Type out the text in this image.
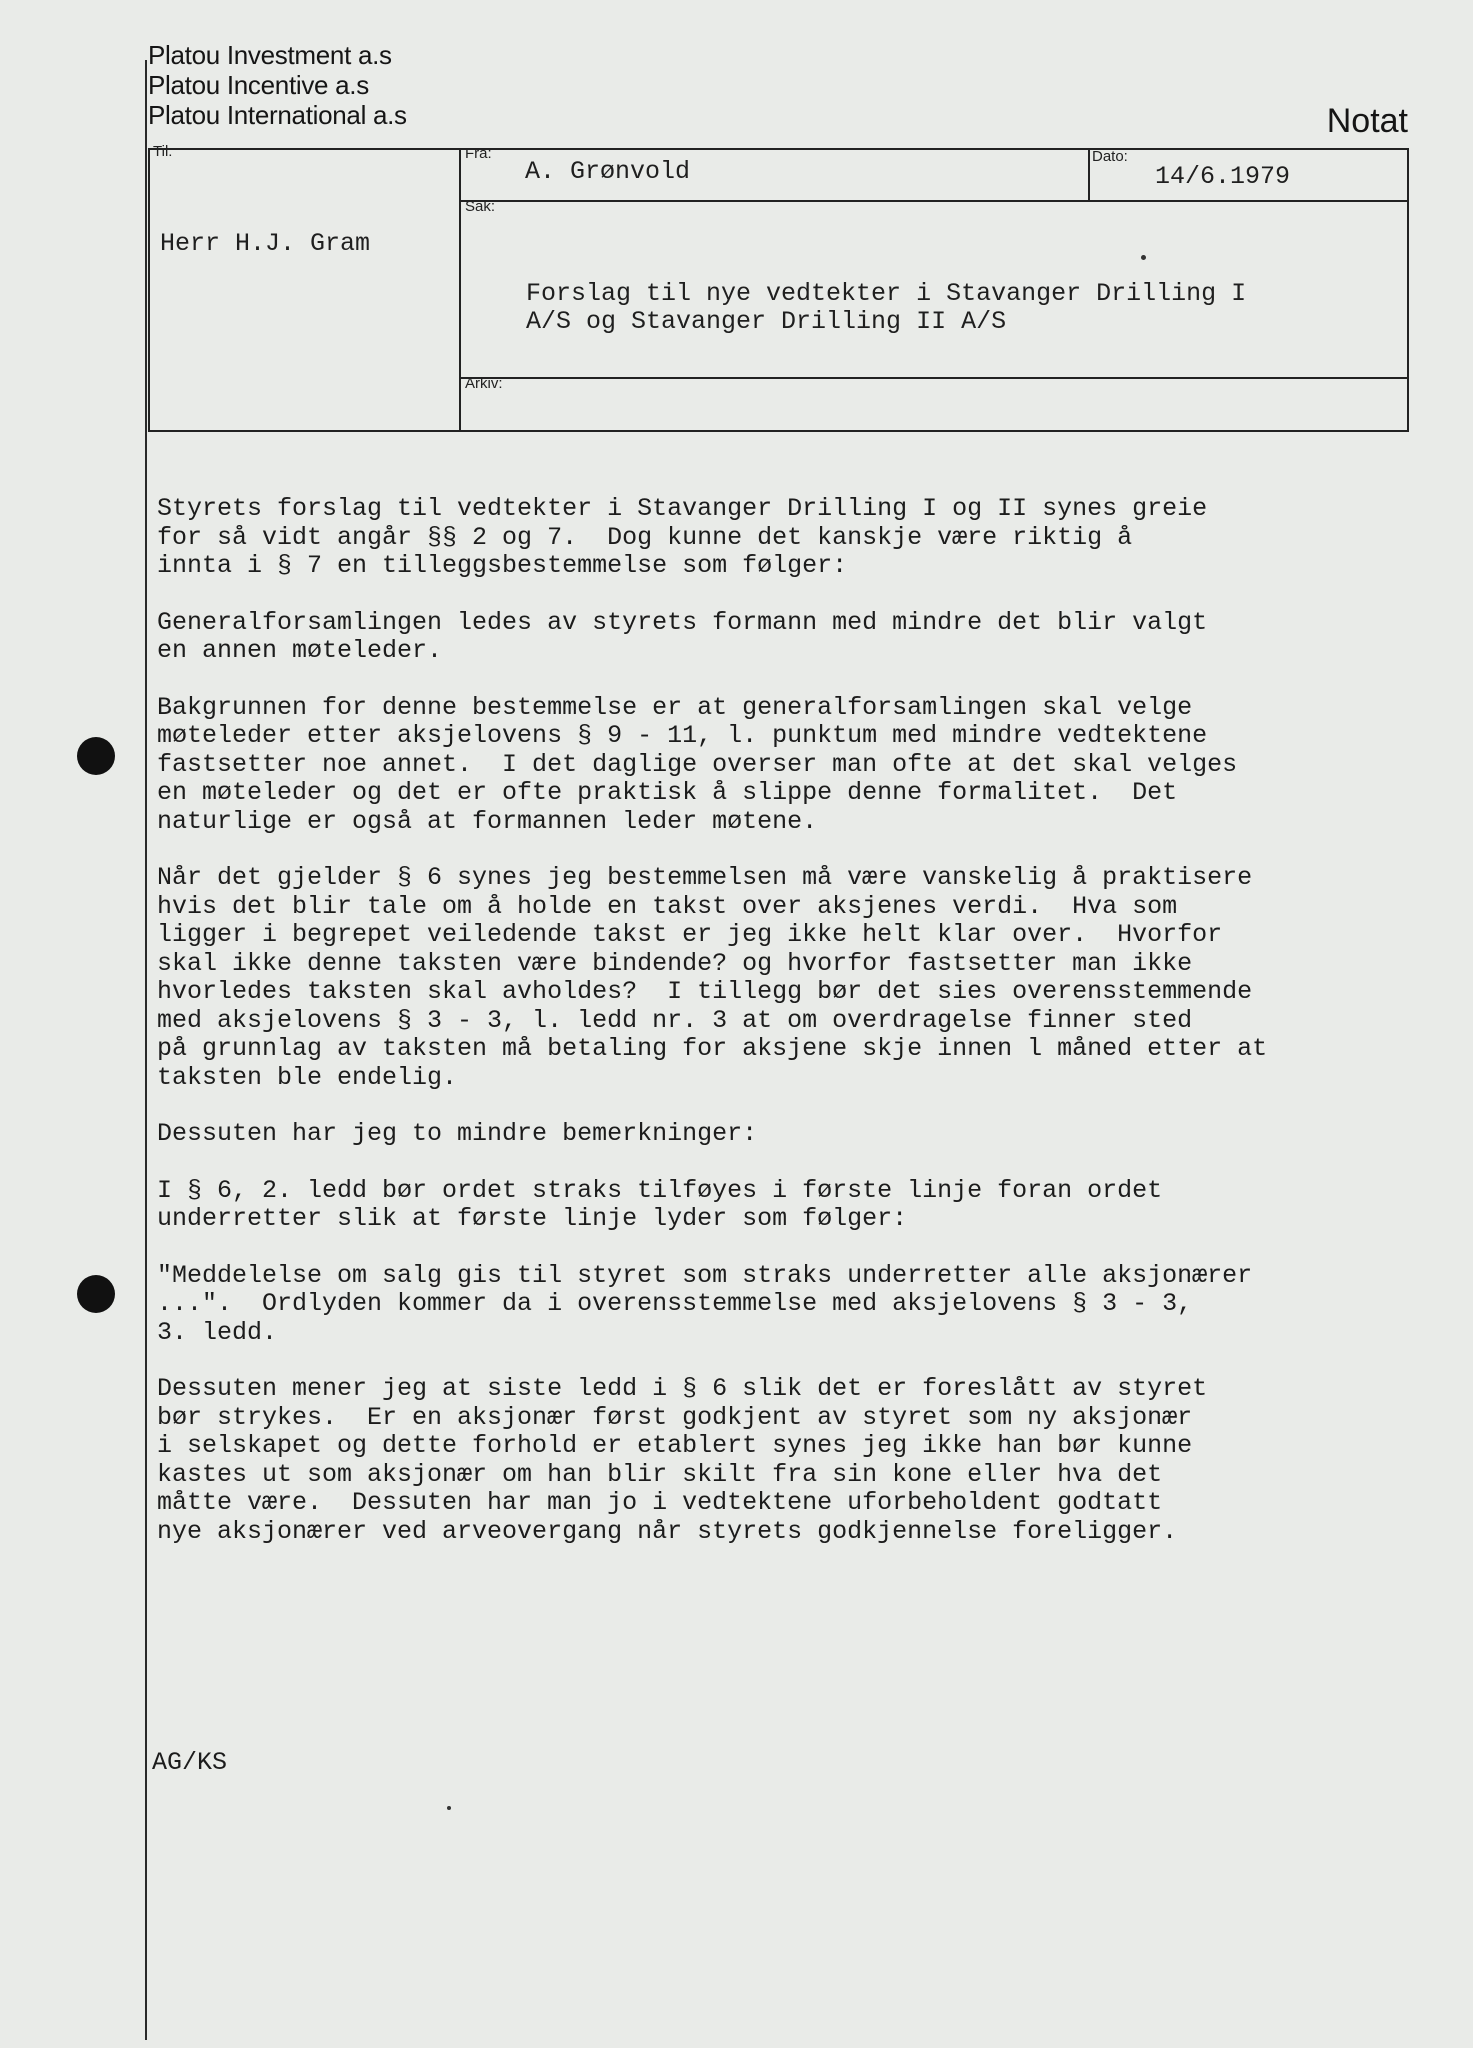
Platou Investment a.s
Platou Incentive a.s
Platou International a.s	Notat
Til:
Herr H.J. Gram
Fra:
A. Grønvold
Dato:
14/6.1979
Sak:
Forslag til nye vedtekter i Stavanger Drilling I
A/S og Stavanger Drilling II A/S
Arkiv:

Styrets forslag til vedtekter i Stavanger Drilling I og II synes greie
for så vidt angår §§ 2 og 7.  Dog kunne det kanskje være riktig å
innta i § 7 en tilleggsbestemmelse som følger:

Generalforsamlingen ledes av styrets formann med mindre det blir valgt
en annen møteleder.

Bakgrunnen for denne bestemmelse er at generalforsamlingen skal velge
møteleder etter aksjelovens § 9 - 11, l. punktum med mindre vedtektene
fastsetter noe annet.  I det daglige overser man ofte at det skal velges
en møteleder og det er ofte praktisk å slippe denne formalitet.  Det
naturlige er også at formannen leder møtene.

Når det gjelder § 6 synes jeg bestemmelsen må være vanskelig å praktisere
hvis det blir tale om å holde en takst over aksjenes verdi.  Hva som
ligger i begrepet veiledende takst er jeg ikke helt klar over.  Hvorfor
skal ikke denne taksten være bindende? og hvorfor fastsetter man ikke
hvorledes taksten skal avholdes?  I tillegg bør det sies overensstemmende
med aksjelovens § 3 - 3, l. ledd nr. 3 at om overdragelse finner sted
på grunnlag av taksten må betaling for aksjene skje innen l måned etter at
taksten ble endelig.

Dessuten har jeg to mindre bemerkninger:

I § 6, 2. ledd bør ordet straks tilføyes i første linje foran ordet
underretter slik at første linje lyder som følger:

"Meddelelse om salg gis til styret som straks underretter alle aksjonærer
...".  Ordlyden kommer da i overensstemmelse med aksjelovens § 3 - 3,
3. ledd.

Dessuten mener jeg at siste ledd i § 6 slik det er foreslått av styret
bør strykes.  Er en aksjonær først godkjent av styret som ny aksjonær
i selskapet og dette forhold er etablert synes jeg ikke han bør kunne
kastes ut som aksjonær om han blir skilt fra sin kone eller hva det
måtte være.  Dessuten har man jo i vedtektene uforbeholdent godtatt
nye aksjonærer ved arveovergang når styrets godkjennelse foreligger.

AG/KS
